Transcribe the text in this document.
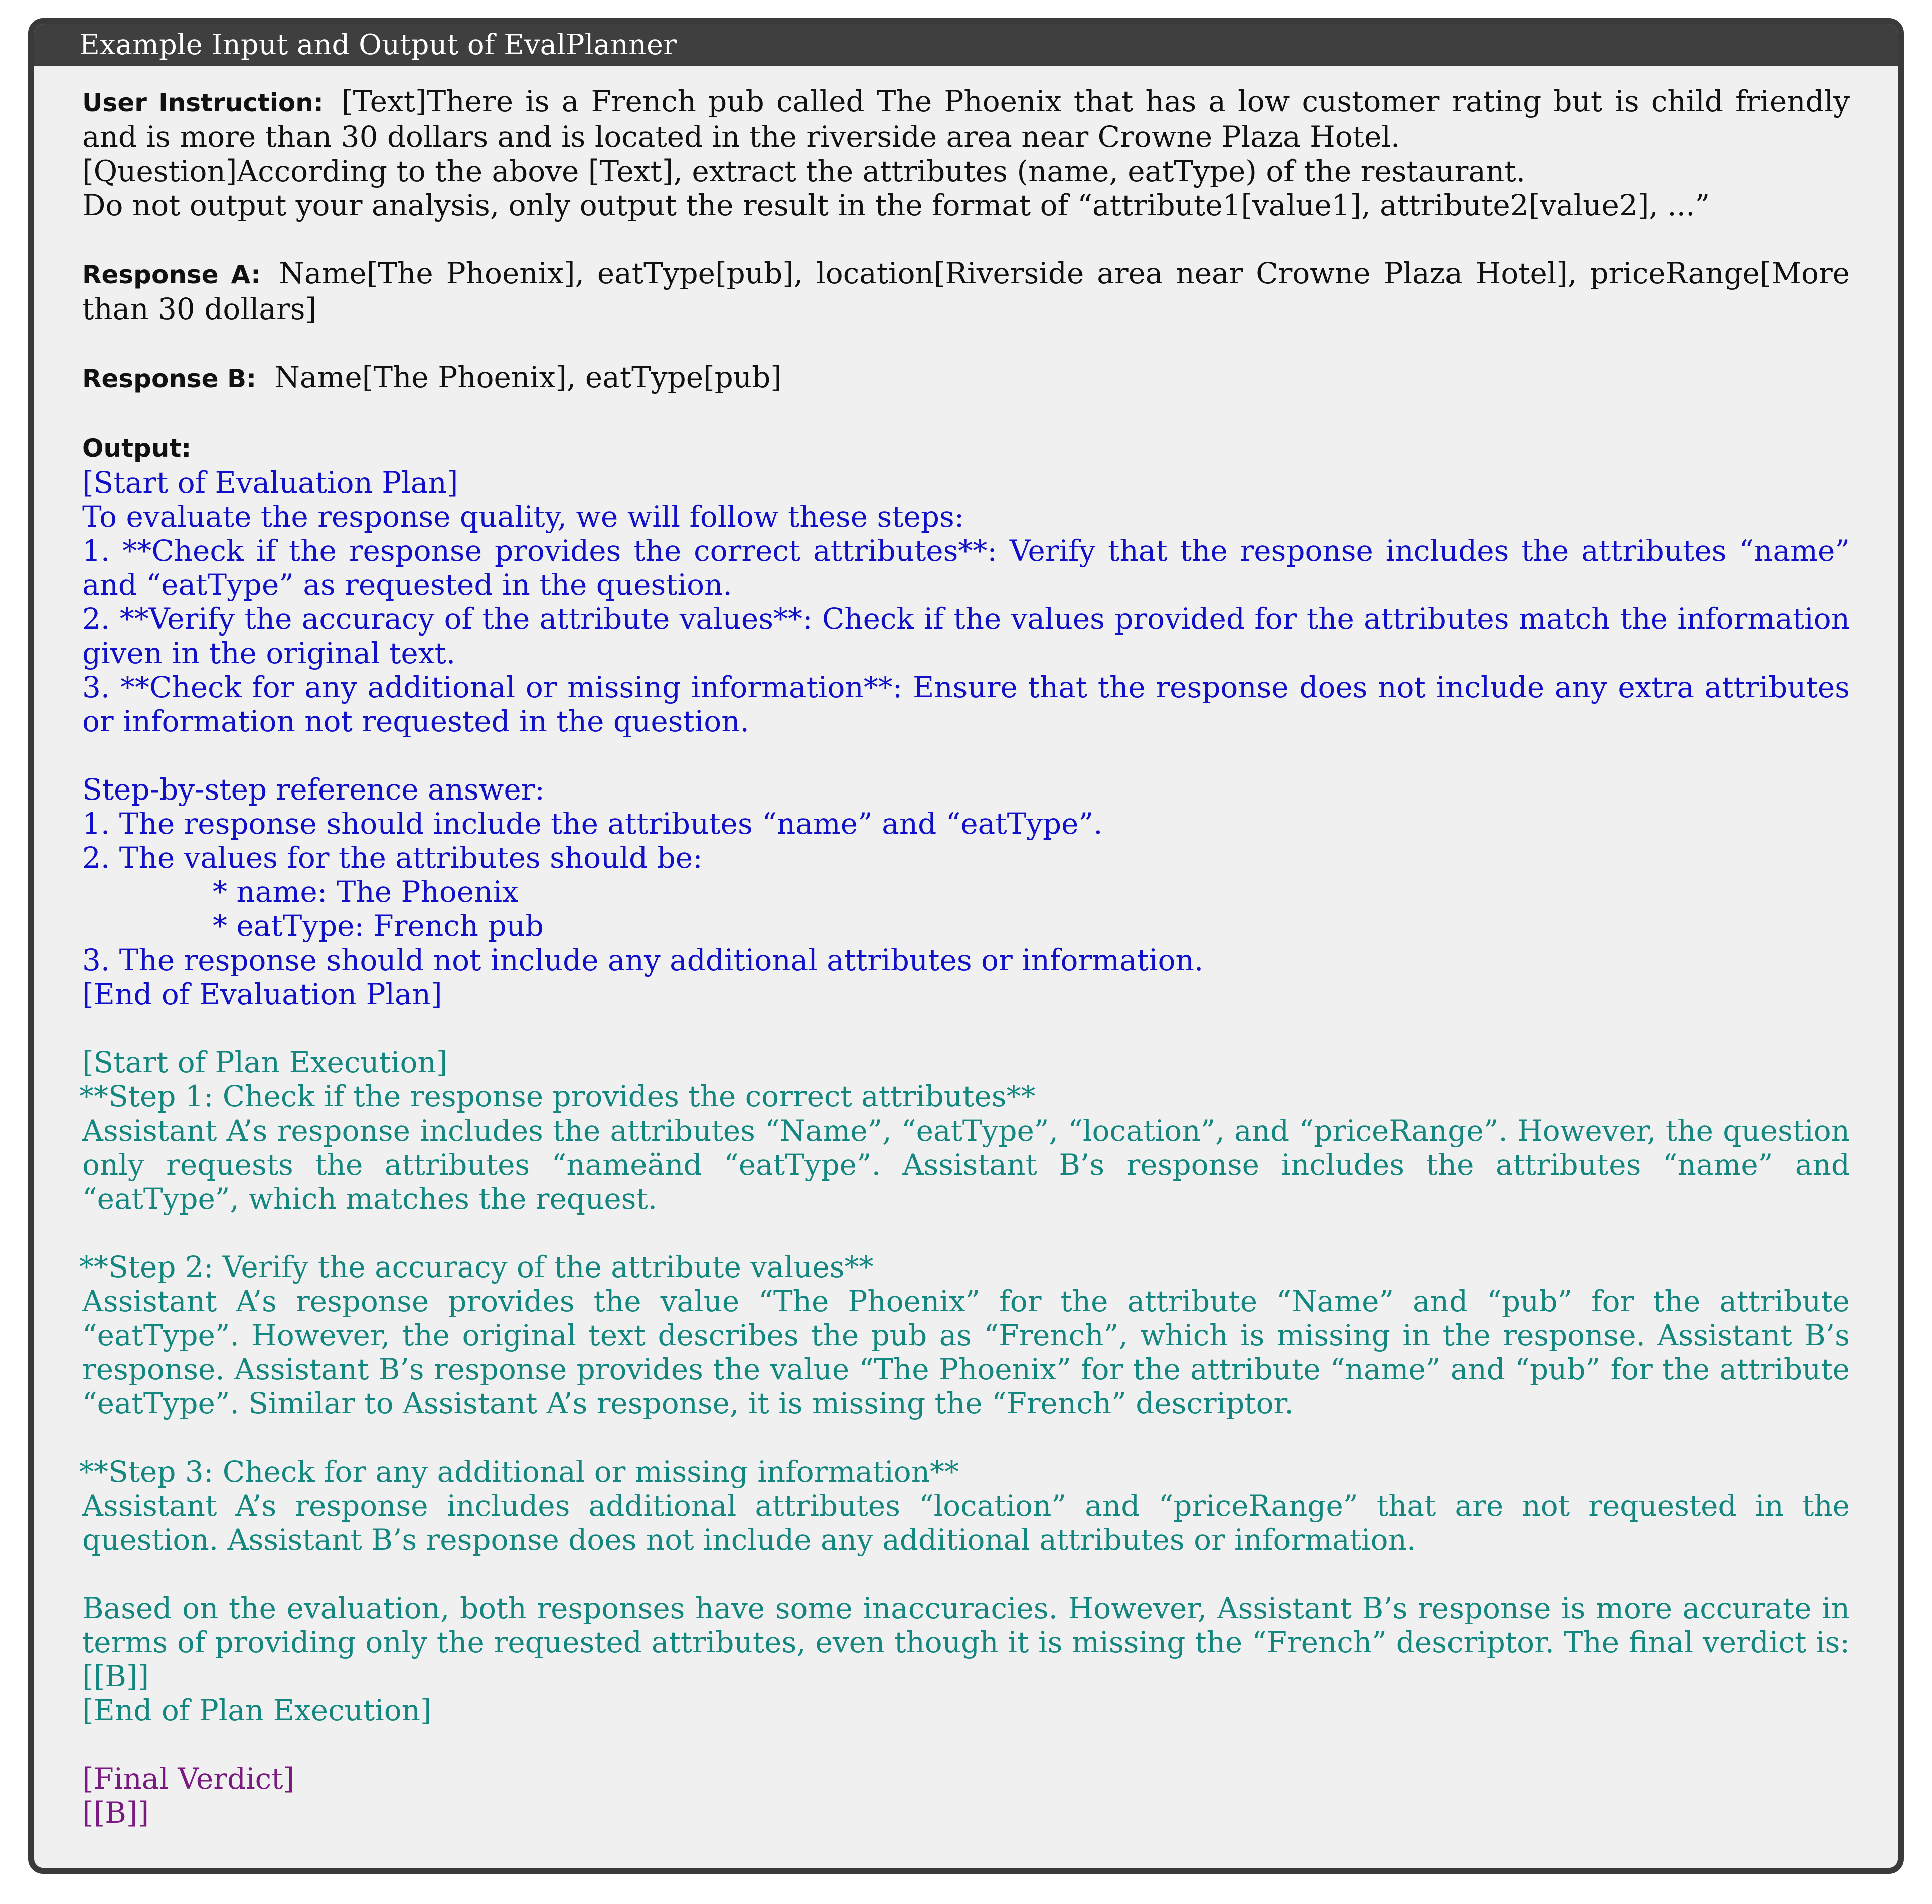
Example Input and Output of EvalPlanner

User Instruction: [Text]There is a French pub called The Phoenix that has a low customer rating but is child friendly and is more than 30 dollars and is located in the riverside area near Crowne Plaza Hotel.
[Question]According to the above [Text], extract the attributes (name, eatType) of the restaurant.
Do not output your analysis, only output the result in the format of “attribute1[value1], attribute2[value2], ...”

Response A: Name[The Phoenix], eatType[pub], location[Riverside area near Crowne Plaza Hotel], priceRange[More than 30 dollars]

Response B: Name[The Phoenix], eatType[pub]

Output:

[Start of Evaluation Plan]
To evaluate the response quality, we will follow these steps:
1. **Check if the response provides the correct attributes**: Verify that the response includes the attributes “name” and “eatType” as requested in the question.
2. **Verify the accuracy of the attribute values**: Check if the values provided for the attributes match the information given in the original text.
3. **Check for any additional or missing information**: Ensure that the response does not include any extra attributes or information not requested in the question.
Step-by-step reference answer:
1. The response should include the attributes “name” and “eatType”.
2. The values for the attributes should be:
* name: The Phoenix
* eatType: French pub
3. The response should not include any additional attributes or information.
[End of Evaluation Plan]
[Start of Plan Execution]
**Step 1: Check if the response provides the correct attributes**
Assistant A’s response includes the attributes “Name”, “eatType”, “location”, and “priceRange”. However, the question only requests the attributes “nameänd “eatType”. Assistant B’s response includes the attributes “name” and “eatType”, which matches the request.
**Step 2: Verify the accuracy of the attribute values**
Assistant A’s response provides the value “The Phoenix” for the attribute “Name” and “pub” for the attribute “eatType”. However, the original text describes the pub as “French”, which is missing in the response. Assistant B’s response. Assistant B’s response provides the value “The Phoenix” for the attribute “name” and “pub” for the attribute “eatType”. Similar to Assistant A’s response, it is missing the “French” descriptor.
**Step 3: Check for any additional or missing information**
Assistant A’s response includes additional attributes “location” and “priceRange” that are not requested in the question. Assistant B’s response does not include any additional attributes or information.
Based on the evaluation, both responses have some inaccuracies. However, Assistant B’s response is more accurate in terms of providing only the requested attributes, even though it is missing the “French” descriptor. The final verdict is: [[B]]
[End of Plan Execution]
[Final Verdict]
[[B]]
